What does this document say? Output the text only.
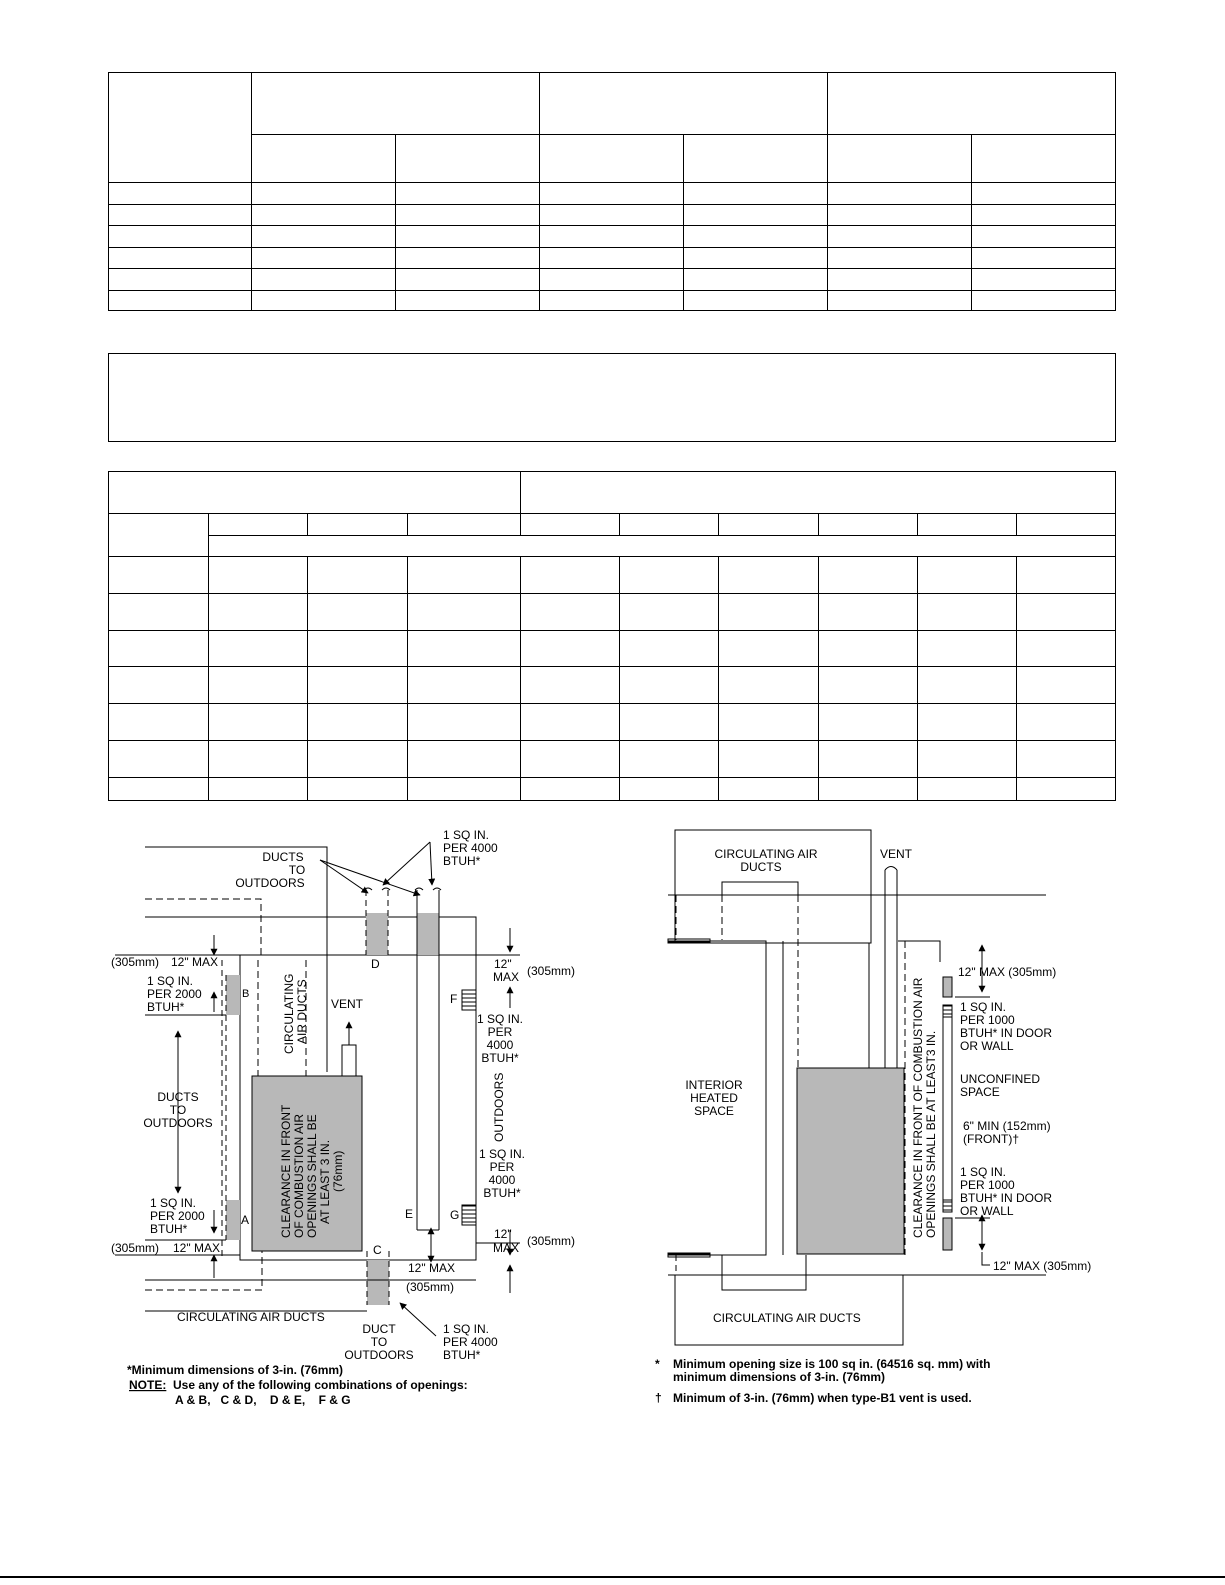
DUCTS
TO
OUTDOORS
1 SQ IN.
PER 4000
BTUH*
(305mm) 12" MAX
1 SQ IN.
PER 2000
BTUH*	CIRCULATING AIR DUCTS VENT
DUCTS
TO
OUTDOORS	CLEARANCE IN FRONT OF COMBUSTION AIR OPENINGS SHALL BE AT LEAST 3 IN. (76mm)
1 SQ IN.
PER 2000
BTUH*
(305mm) 12" MAX
A
B
C
D
E
F
G
12"
MAX (305mm)
1 SQ IN.
PER
4000
BTUH*
OUTDOORS
1 SQ IN.
PER
4000
BTUH*
12"
MAX (305mm)
12" MAX
(305mm)
CIRCULATING AIR DUCTS
DUCT
TO
OUTDOORS
1 SQ IN.
PER 4000
BTUH*
*Minimum dimensions of 3-in. (76mm)
NOTE: Use any of the following combinations of openings:
A & B,   C & D,    D & E,    F & G
CIRCULATING AIR
DUCTS
VENT
INTERIOR
HEATED
SPACE	CLEARANCE IN FRONT OF COMBUSTION AIR OPENINGS SHALL BE AT LEAST3 IN.
12" MAX (305mm)
1 SQ IN.
PER 1000
BTUH* IN DOOR
OR WALL
UNCONFINED
SPACE
6" MIN (152mm)
(FRONT)†
1 SQ IN.
PER 1000
BTUH* IN DOOR
OR WALL
12" MAX (305mm)
CIRCULATING AIR DUCTS
* Minimum opening size is 100 sq in. (64516 sq. mm) with
minimum dimensions of 3-in. (76mm)
† Minimum of 3-in. (76mm) when type-B1 vent is used.
